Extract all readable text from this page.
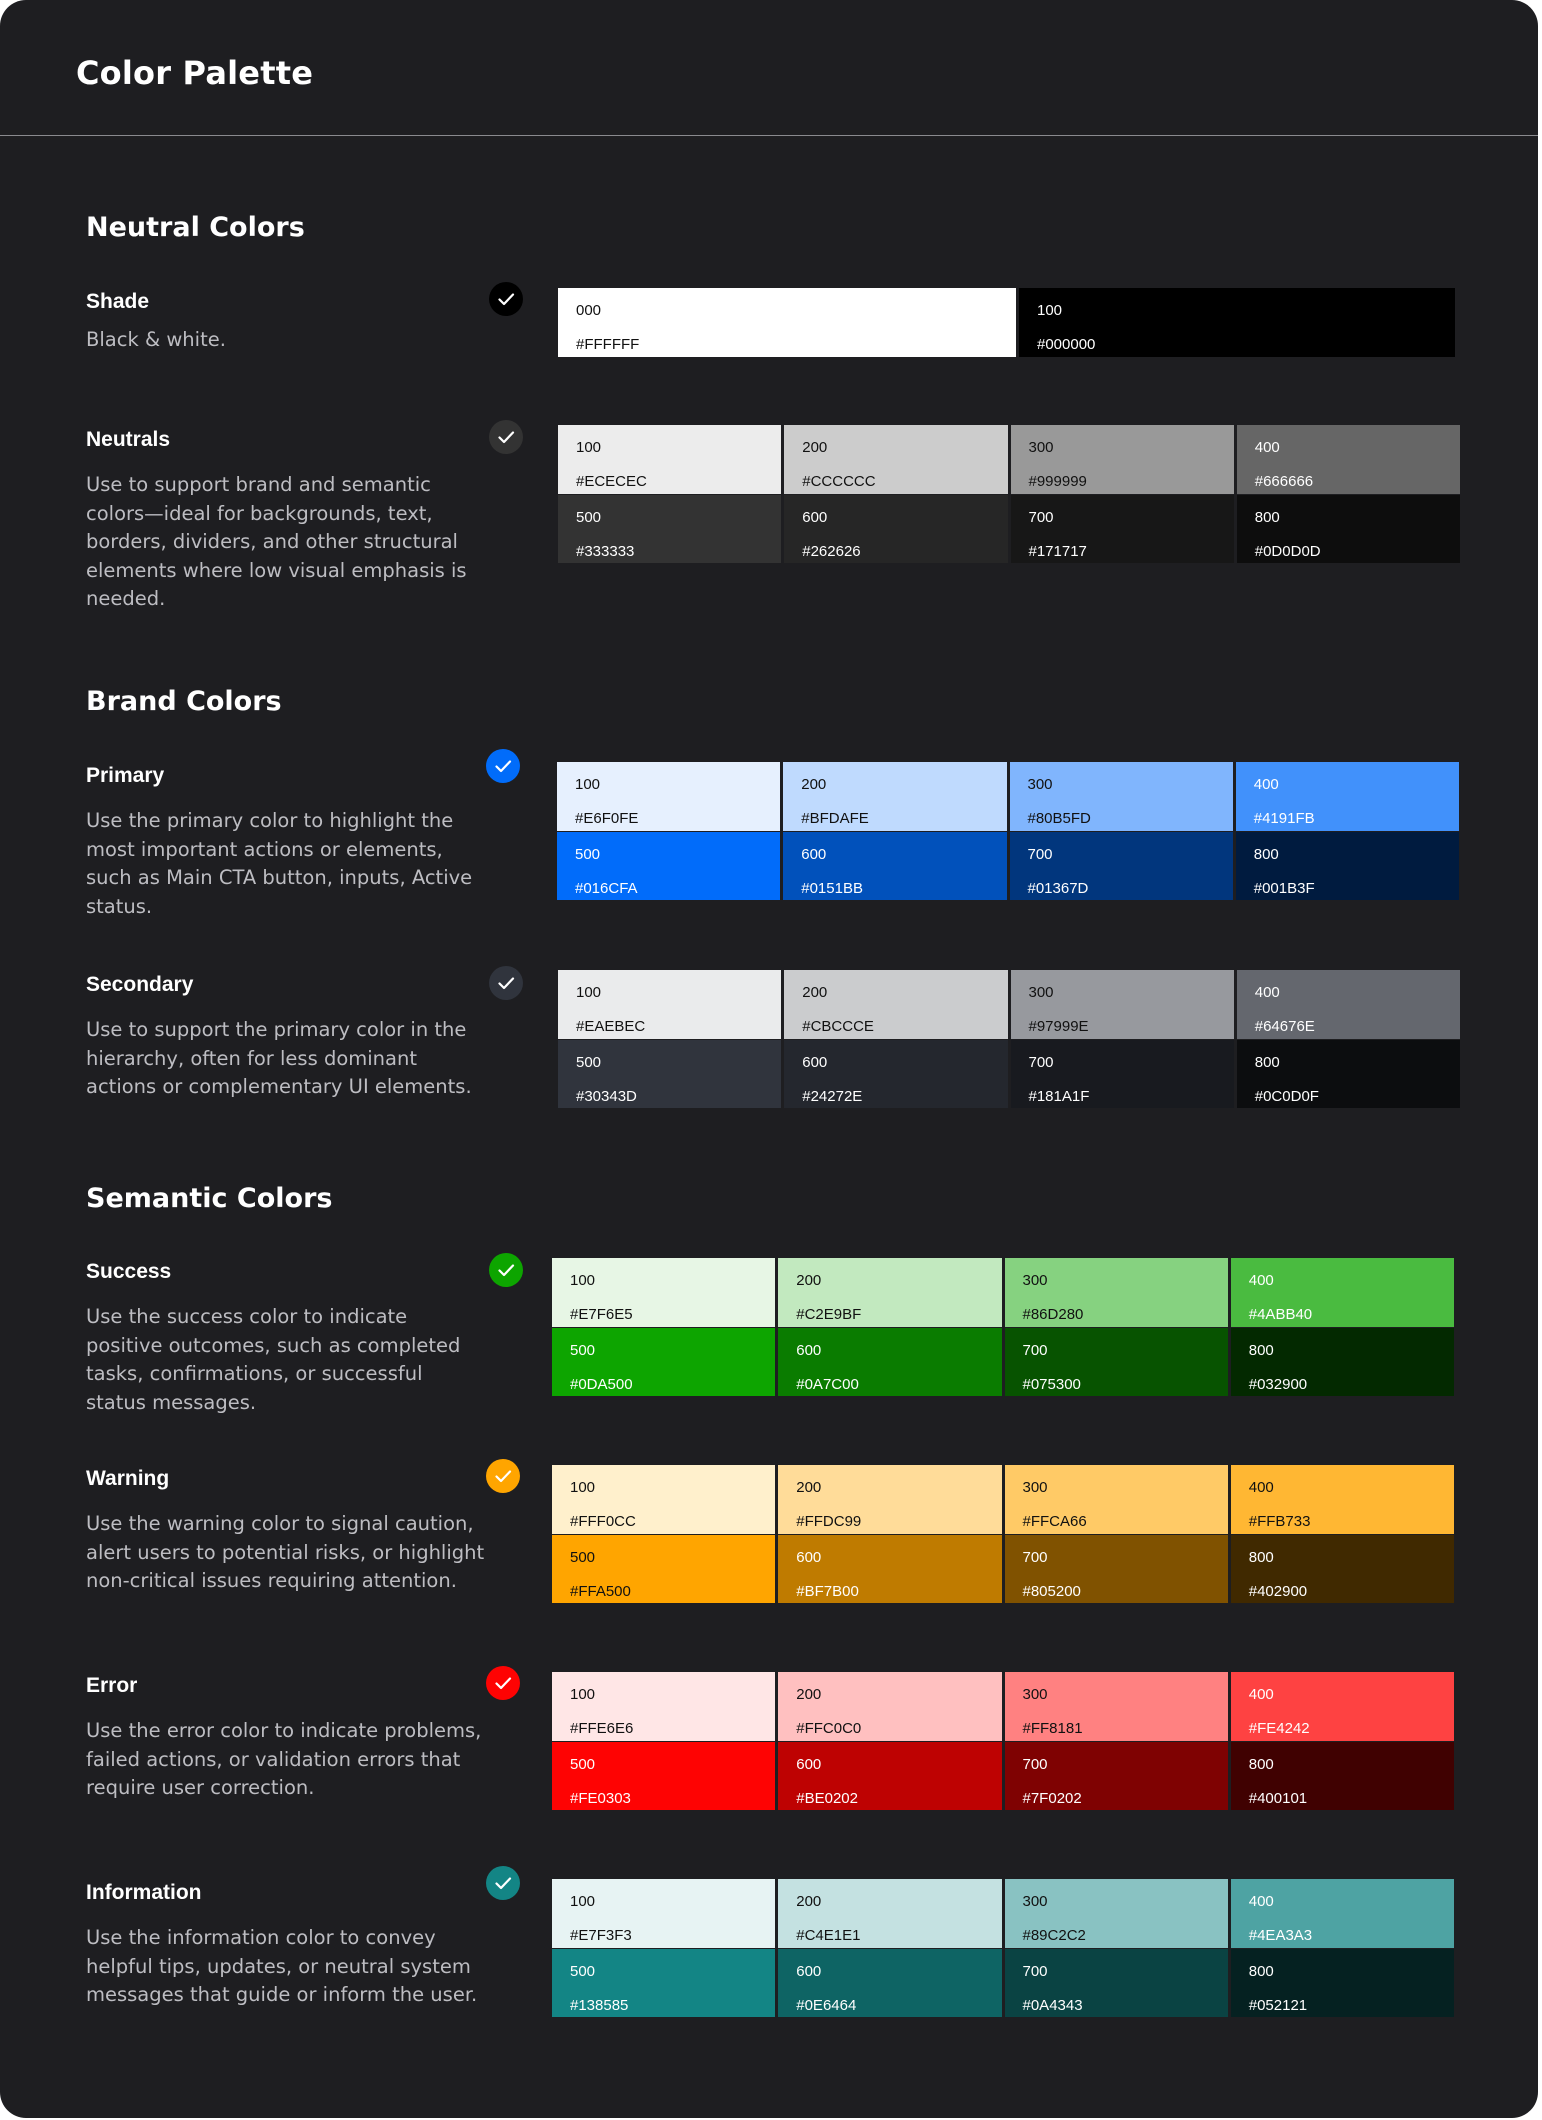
Color Palette
Neutral Colors
Brand Colors
Semantic Colors
Shade
Black & white.
000
#FFFFFF
100
#000000
Neutrals
Use to support brand and semantic colors—ideal for backgrounds, text, borders, dividers, and other structural elements where low visual emphasis is needed.
100
#ECECEC
200
#CCCCCC
300
#999999
400
#666666
500
#333333
600
#262626
700
#171717
800
#0D0D0D
Primary
Use the primary color to highlight the most important actions or elements, such as Main CTA button, inputs, Active status.
100
#E6F0FE
200
#BFDAFE
300
#80B5FD
400
#4191FB
500
#016CFA
600
#0151BB
700
#01367D
800
#001B3F
Secondary
Use to support the primary color in the hierarchy, often for less dominant actions or complementary UI elements.
100
#EAEBEC
200
#CBCCCE
300
#97999E
400
#64676E
500
#30343D
600
#24272E
700
#181A1F
800
#0C0D0F
Success
Use the success color to indicate positive outcomes, such as completed tasks, confirmations, or successful status messages.
100
#E7F6E5
200
#C2E9BF
300
#86D280
400
#4ABB40
500
#0DA500
600
#0A7C00
700
#075300
800
#032900
Warning
Use the warning color to signal caution, alert users to potential risks, or highlight non-critical issues requiring attention.
100
#FFF0CC
200
#FFDC99
300
#FFCA66
400
#FFB733
500
#FFA500
600
#BF7B00
700
#805200
800
#402900
Error
Use the error color to indicate problems, failed actions, or validation errors that require user correction.
100
#FFE6E6
200
#FFC0C0
300
#FF8181
400
#FE4242
500
#FE0303
600
#BE0202
700
#7F0202
800
#400101
Information
Use the information color to convey helpful tips, updates, or neutral system messages that guide or inform the user.
100
#E7F3F3
200
#C4E1E1
300
#89C2C2
400
#4EA3A3
500
#138585
600
#0E6464
700
#0A4343
800
#052121
